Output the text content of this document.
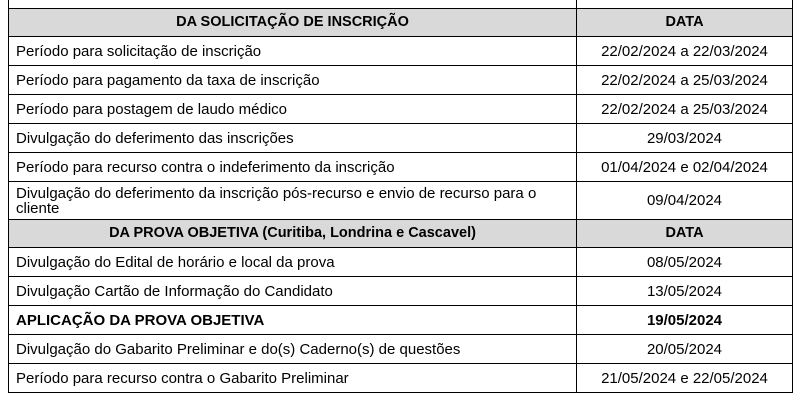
DA SOLICITAÇÃO DE INSCRIÇÃO	DATA
Período para solicitação de inscrição	22/02/2024 a 22/03/2024
Período para pagamento da taxa de inscrição	22/02/2024 a 25/03/2024
Período para postagem de laudo médico	22/02/2024 a 25/03/2024
Divulgação do deferimento das inscrições	29/03/2024
Período para recurso contra o indeferimento da inscrição	01/04/2024 e 02/04/2024
Divulgação do deferimento da inscrição pós-recurso e envio de recurso para o cliente	09/04/2024
DA PROVA OBJETIVA (Curitiba, Londrina e Cascavel)	DATA
Divulgação do Edital de horário e local da prova	08/05/2024
Divulgação Cartão de Informação do Candidato	13/05/2024
APLICAÇÃO DA PROVA OBJETIVA	19/05/2024
Divulgação do Gabarito Preliminar e do(s) Caderno(s) de questões	20/05/2024
Período para recurso contra o Gabarito Preliminar	21/05/2024 e 22/05/2024
